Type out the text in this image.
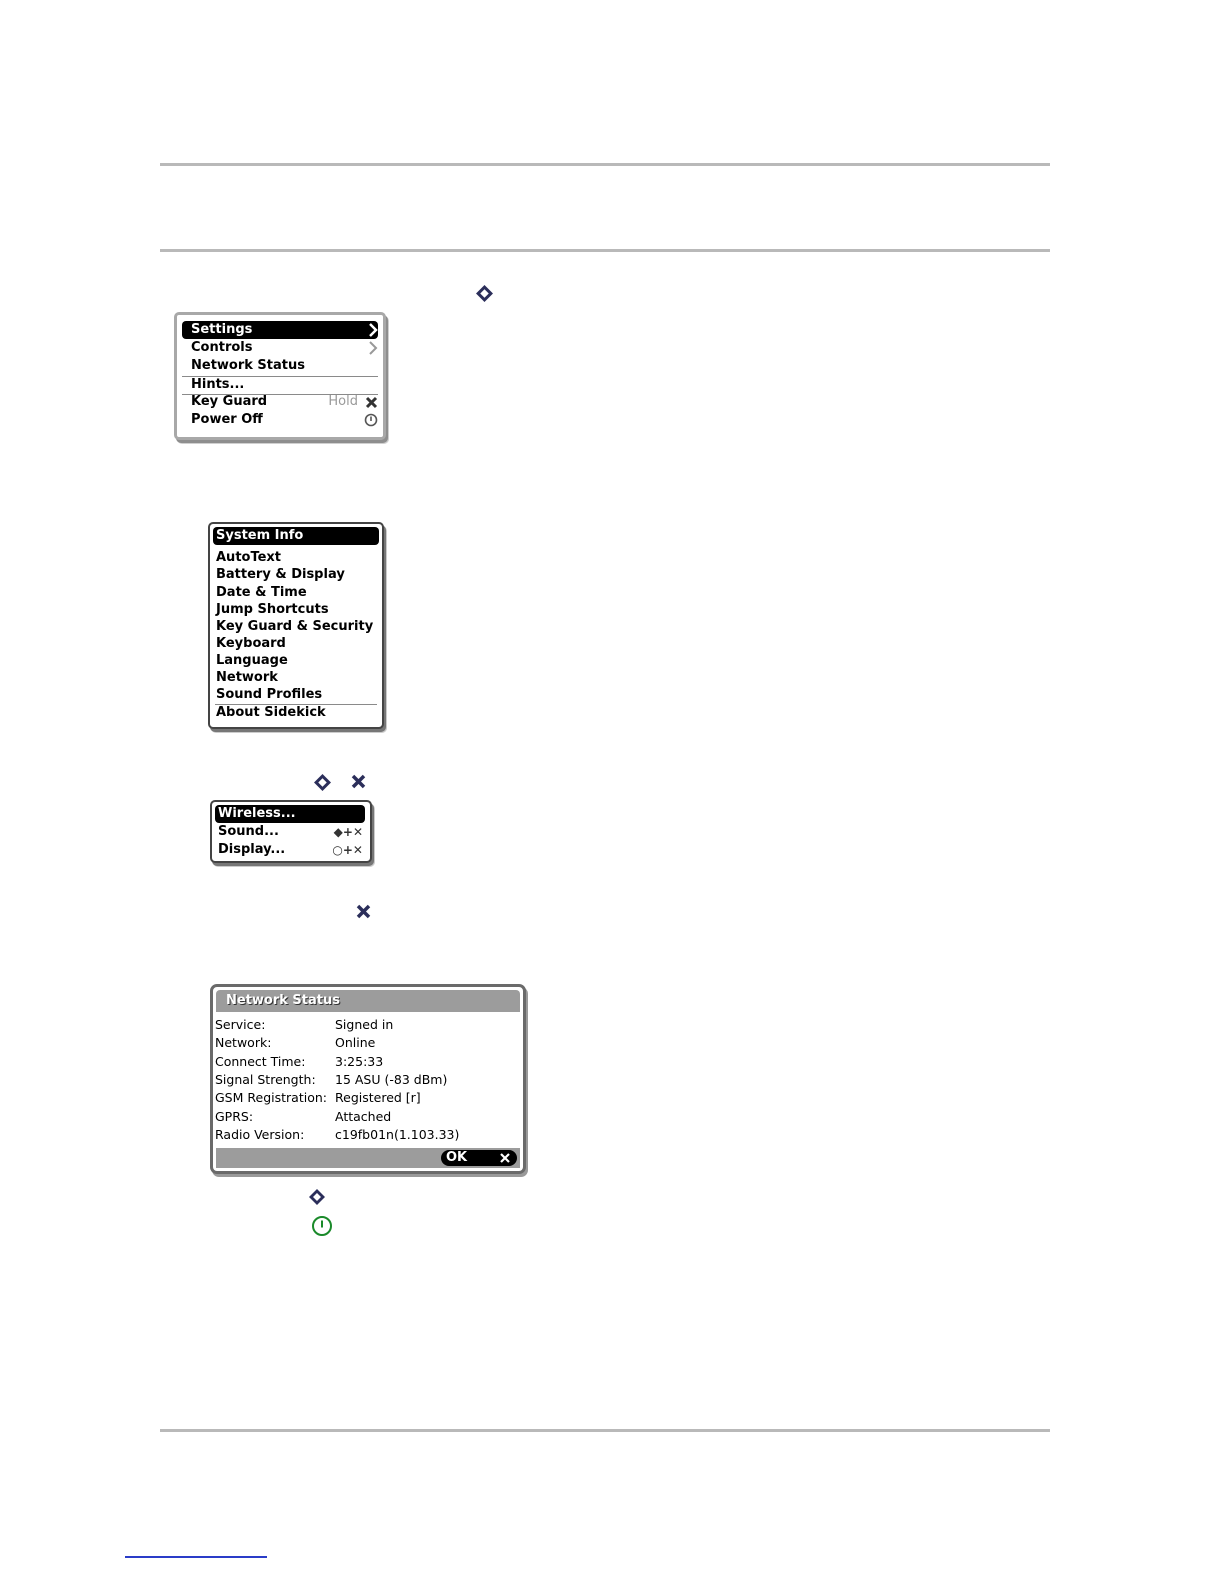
Settings
Controls
Network Status
Hints...
Key Guard	Hold
Power Off
System Info
AutoText
Battery & Display
Date & Time
Jump Shortcuts
Key Guard & Security
Keyboard
Language
Network
Sound Profiles
About Sidekick
Wireless...
Sound...	◆+✕
Display...	○+✕
Network Status
Service:	Signed in
Network:	Online
Connect Time: 3:25:33
Signal Strength: 15 ASU (-83 dBm)
GSM Registration: Registered [r]
GPRS:	Attached
Radio Version: c19fb01n(1.103.33)
OK
